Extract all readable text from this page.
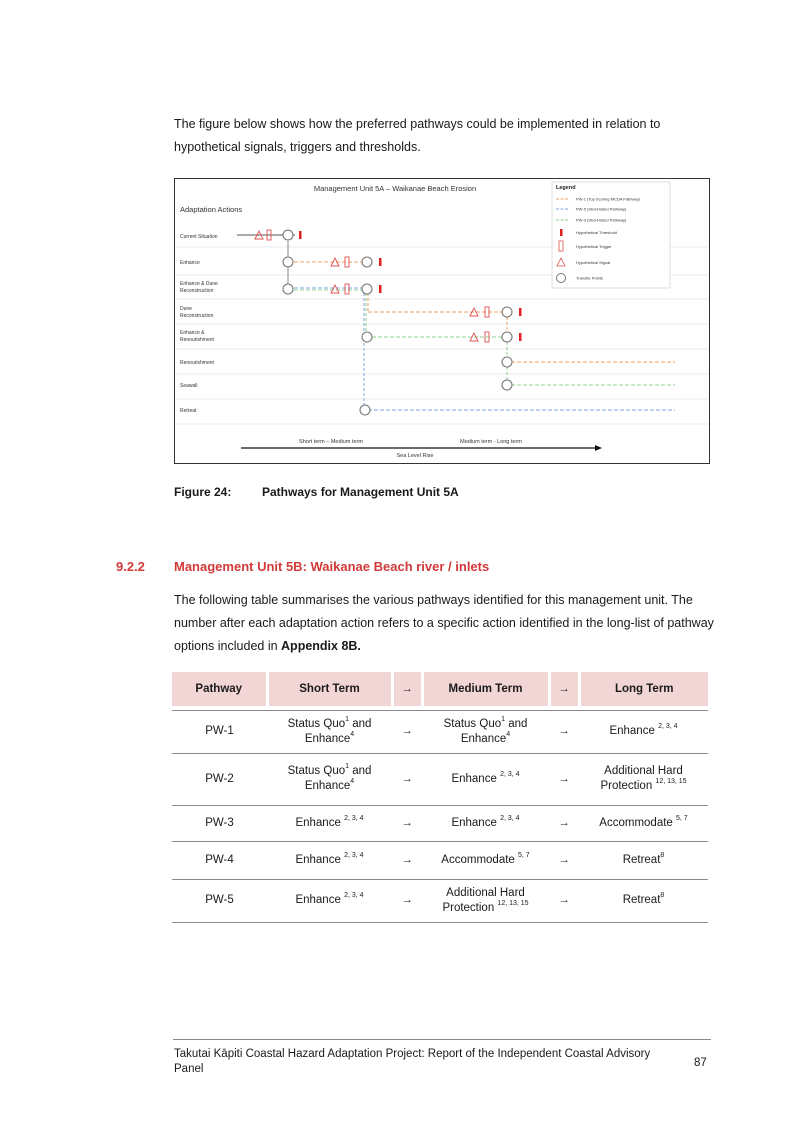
The figure below shows how the preferred pathways could be implemented in relation to hypothetical signals, triggers and thresholds.

Management Unit 5A – Waikanae Beach Erosion
Adaptation Actions
Current Situation
Enhance
Enhance & Dune
Reconstruction
Dune
Reconstruction
Enhance &
Renourishment
Renourishment
Seawall
Retreat
Legend
PW-1 (Top Scoring MCDA Pathway)
PW-5 (Short-listed Pathway)
PW-3 (Short-listed Pathway)
Hypothetical Threshold
Hypothetical Trigger
Hypothetical Signal
Transfer Points
Short term – Medium term	Medium term - Long term
Sea Level Rise
Figure 24:	Pathways for Management Unit 5A
9.2.2 Management Unit 5B: Waikanae Beach river / inlets

The following table summarises the various pathways identified for this management unit. The number after each adaptation action refers to a specific action identified in the long-list of pathway options included in Appendix 8B.

Pathway	Short Term	→	Medium Term	→	Long Term

PW-1	Status Quo$^1$ and Enhance$^4$	→	Status Quo$^1$ and Enhance$^4$	→	Enhance $^{2, 3, 4}$
PW-2	Status Quo$^1$ and Enhance$^4$	→	Enhance $^{2, 3, 4}$	→	Additional Hard Protection $^{12, 13, 15}$
PW-3	Enhance $^{2, 3, 4}$	→	Enhance $^{2, 3, 4}$	→	Accommodate $^{5, 7}$
PW-4	Enhance $^{2, 3, 4}$	→	Accommodate $^{5, 7}$	→	Retreat$^8$
PW-5	Enhance $^{2, 3, 4}$	→	Additional Hard Protection $^{12, 13, 15}$	→	Retreat$^8$
Takutai Kāpiti Coastal Hazard Adaptation Project: Report of the Independent Coastal Advisory Panel	87
